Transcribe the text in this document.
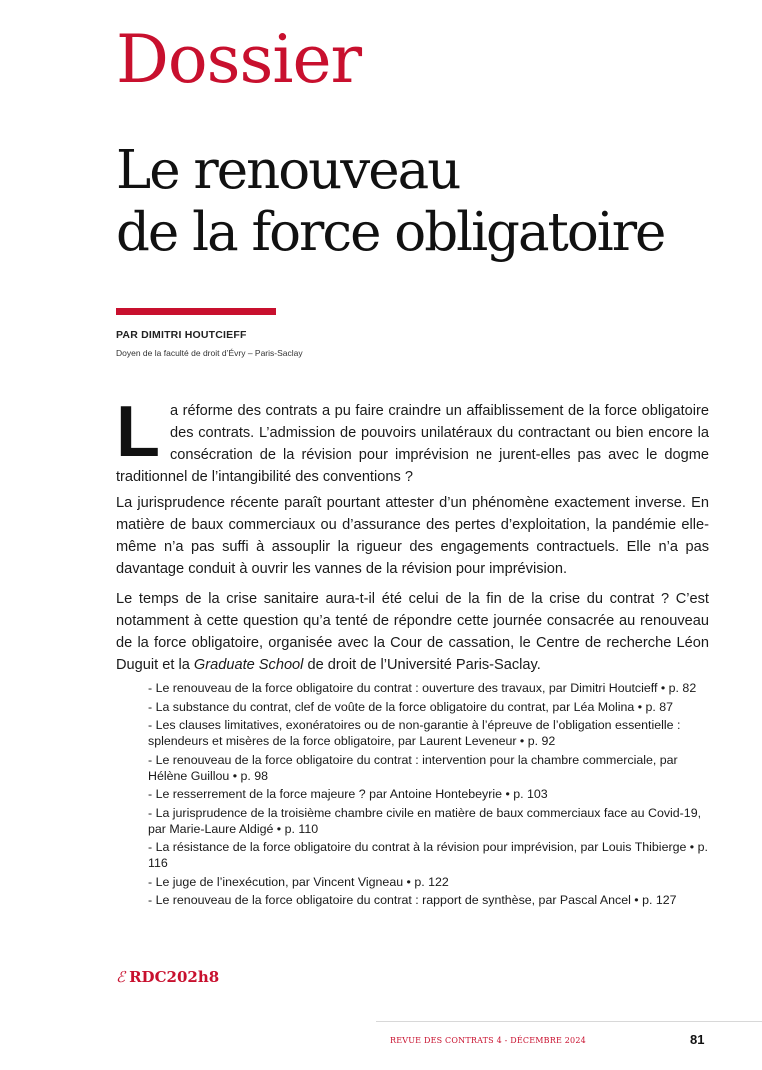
Dossier
Le renouveau
de la force obligatoire
PAR DIMITRI HOUTCIEFF
Doyen de la faculté de droit d’Évry – Paris-Saclay

La réforme des contrats a pu faire craindre un affaiblissement de la force obligatoire des contrats. L’admission de pouvoirs unilatéraux du contractant ou bien encore la consécration de la révision pour imprévision ne jurent-elles pas avec le dogme traditionnel de l’intangibilité des conventions ?

La jurisprudence récente paraît pourtant attester d’un phénomène exactement inverse. En matière de baux commerciaux ou d’assurance des pertes d’exploitation, la pandémie elle-même n’a pas suffi à assouplir la rigueur des engagements contractuels. Elle n’a pas davantage conduit à ouvrir les vannes de la révision pour imprévision.

Le temps de la crise sanitaire aura-t-il été celui de la fin de la crise du contrat ? C’est notamment à cette question qu’a tenté de répondre cette journée consacrée au renouveau de la force obligatoire, organisée avec la Cour de cassation, le Centre de recherche Léon Duguit et la Graduate School de droit de l’Université Paris-Saclay.

- Le renouveau de la force obligatoire du contrat : ouverture des travaux, par Dimitri Houtcieff • p. 82
- La substance du contrat, clef de voûte de la force obligatoire du contrat, par Léa Molina • p. 87
- Les clauses limitatives, exonératoires ou de non-garantie à l’épreuve de l’obligation essentielle : splendeurs et misères de la force obligatoire, par Laurent Leveneur • p. 92
- Le renouveau de la force obligatoire du contrat : intervention pour la chambre commerciale, par Hélène Guillou • p. 98
- Le resserrement de la force majeure ? par Antoine Hontebeyrie • p. 103
- La jurisprudence de la troisième chambre civile en matière de baux commerciaux face au Covid-19, par Marie-Laure Aldigé • p. 110
- La résistance de la force obligatoire du contrat à la révision pour imprévision, par Louis Thibierge • p. 116
- Le juge de l’inexécution, par Vincent Vigneau • p. 122
- Le renouveau de la force obligatoire du contrat : rapport de synthèse, par Pascal Ancel • p. 127
ℰ RDC202h8
REVUE DES CONTRATS 4 - DÉCEMBRE 2024	81
